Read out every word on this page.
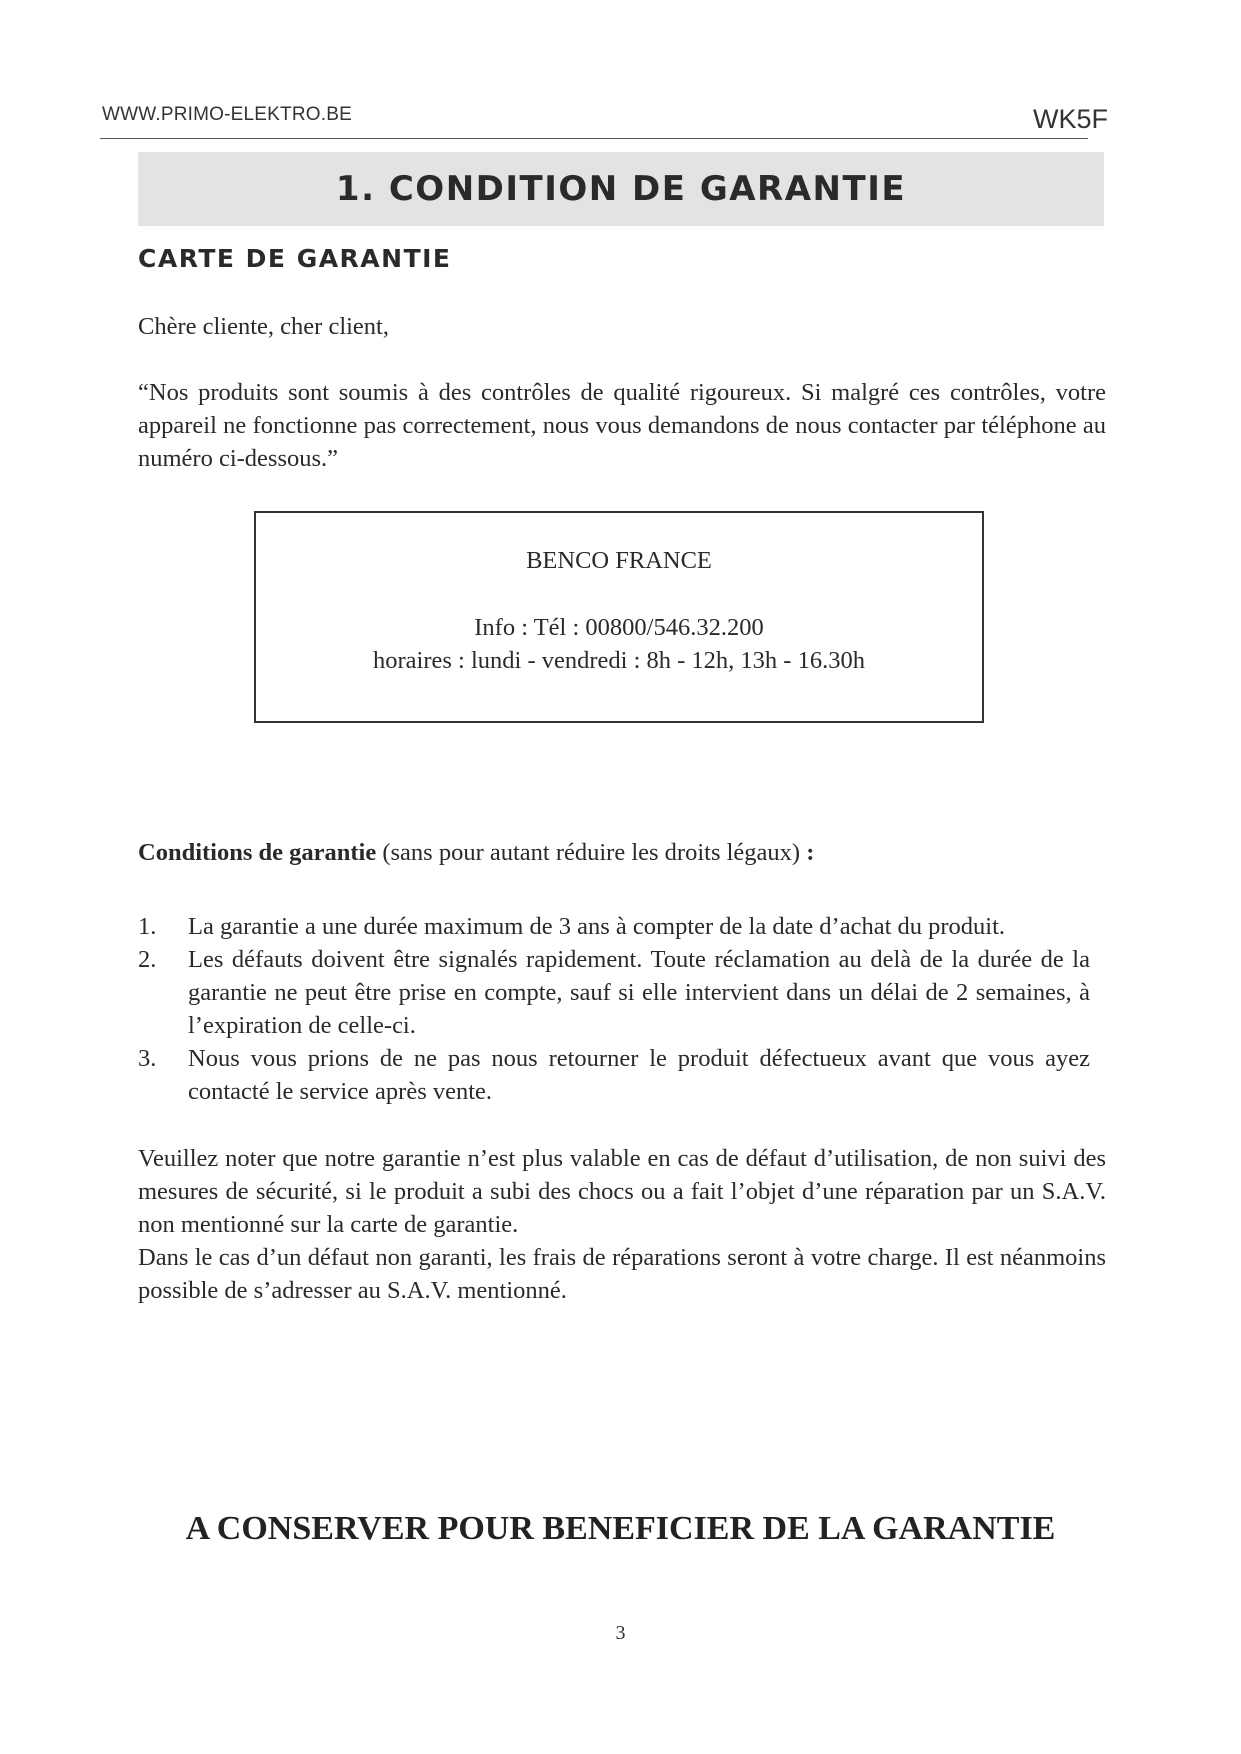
WWW.PRIMO-ELEKTRO.BE	WK5F
1. CONDITION DE GARANTIE
CARTE DE GARANTIE
Chère cliente, cher client,
“Nos produits sont soumis à des contrôles de qualité rigoureux. Si malgré ces contrôles, votre appareil ne fonctionne pas correctement, nous vous demandons de nous contacter par téléphone au numéro ci-dessous.”
BENCO FRANCE
Info : Tél : 00800/546.32.200
horaires : lundi - vendredi : 8h - 12h, 13h - 16.30h
Conditions de garantie (sans pour autant réduire les droits légaux) :
1. La garantie a une durée maximum de 3 ans à compter de la date d’achat du produit.
2. Les défauts doivent être signalés rapidement. Toute réclamation au delà de la durée de la garantie ne peut être prise en compte, sauf si elle intervient dans un délai de 2 semaines, à l’expiration de celle-ci.
3. Nous vous prions de ne pas nous retourner le produit défectueux avant que vous ayez contacté le service après vente.

Veuillez noter que notre garantie n’est plus valable en cas de défaut d’utilisation, de non suivi des mesures de sécurité, si le produit a subi des chocs ou a fait l’objet d’une réparation par un S.A.V. non mentionné sur la carte de garantie.

Dans le cas d’un défaut non garanti, les frais de réparations seront à votre charge. Il est néanmoins possible de s’adresser au S.A.V. mentionné.

A CONSERVER POUR BENEFICIER DE LA GARANTIE
3
